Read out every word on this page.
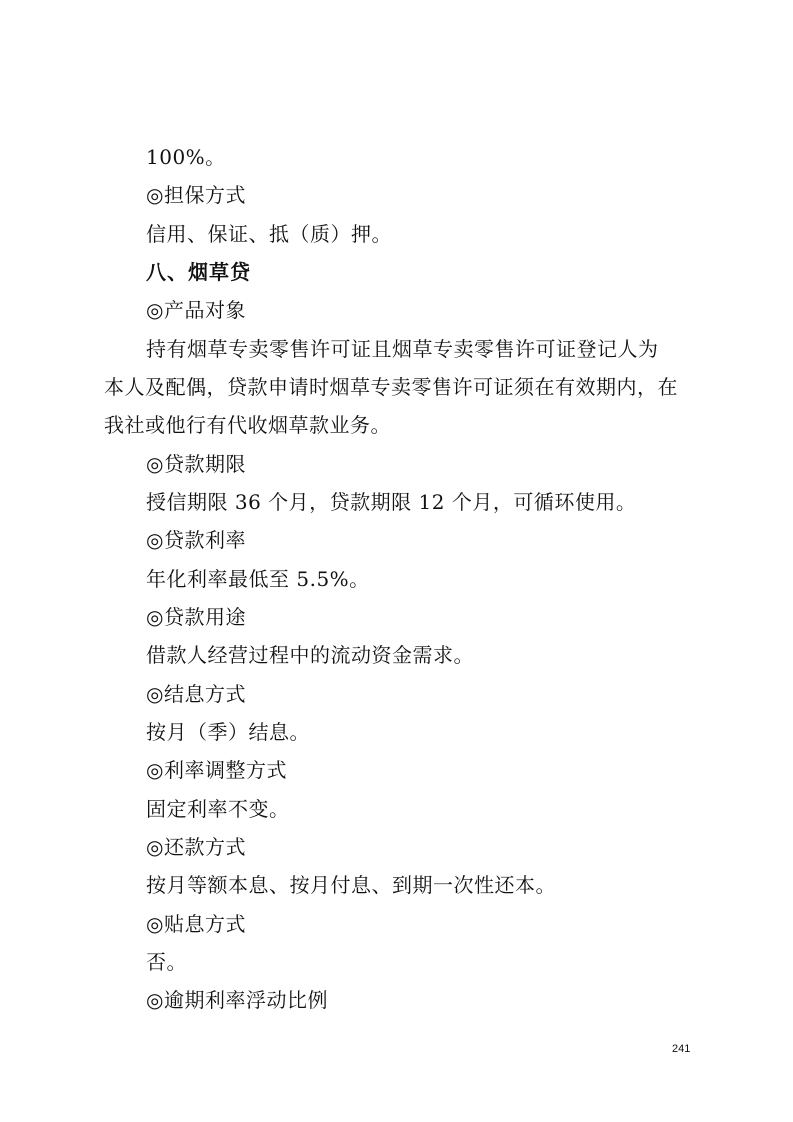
100%。
◎担保方式
信用、保证、抵（质）押。
八、烟草贷
◎产品对象
持有烟草专卖零售许可证且烟草专卖零售许可证登记人为
本人及配偶，贷款申请时烟草专卖零售许可证须在有效期内，在
我社或他行有代收烟草款业务。
◎贷款期限
授信期限 36 个月，贷款期限 12 个月，可循环使用。
◎贷款利率
年化利率最低至 5.5%。
◎贷款用途
借款人经营过程中的流动资金需求。
◎结息方式
按月（季）结息。
◎利率调整方式
固定利率不变。
◎还款方式
按月等额本息、按月付息、到期一次性还本。
◎贴息方式
否。
◎逾期利率浮动比例
241
